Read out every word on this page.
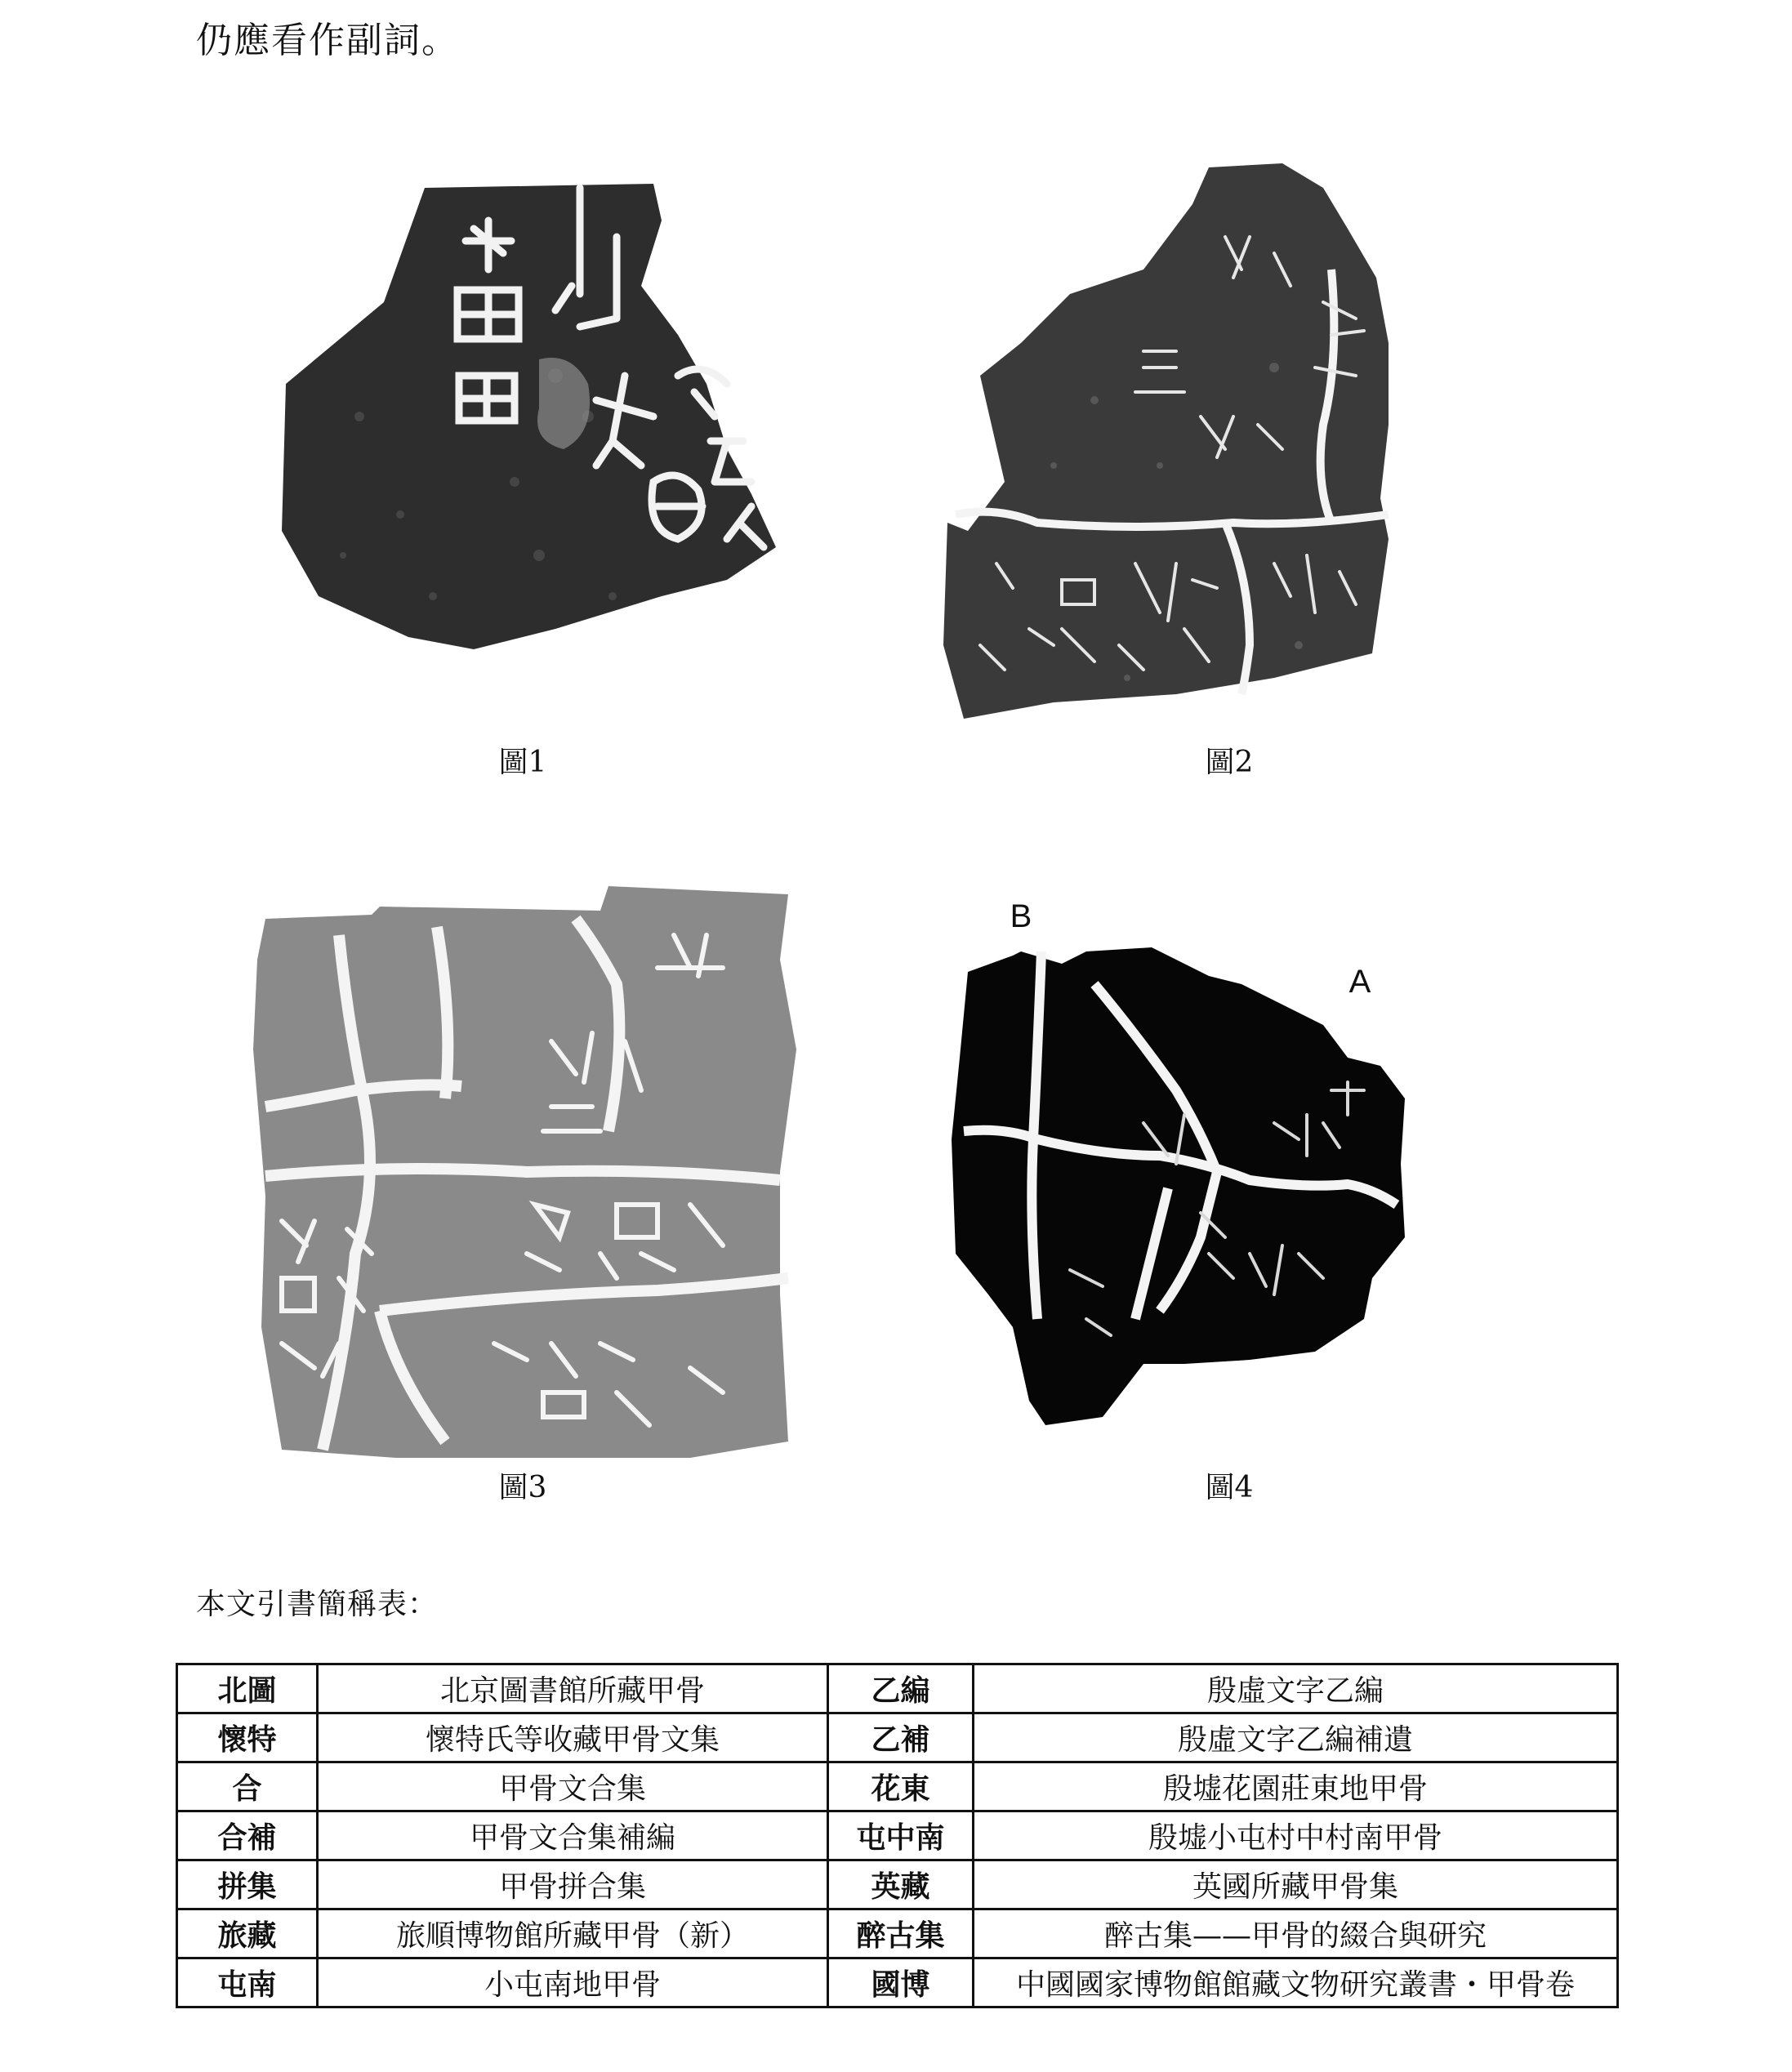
仍應看作副詞。
圖1	圖2
圖3
B
A
圖4
本文引書簡稱表：
北圖	北京圖書館所藏甲骨	乙編	殷虛文字乙編
懷特	懷特氏等收藏甲骨文集	乙補	殷虛文字乙編補遺
合	甲骨文合集	花東	殷墟花園莊東地甲骨
合補	甲骨文合集補編	屯中南	殷墟小屯村中村南甲骨
拼集	甲骨拼合集	英藏	英國所藏甲骨集
旅藏	旅順博物館所藏甲骨（新）	醉古集	醉古集——甲骨的綴合與研究
屯南	小屯南地甲骨	國博	中國國家博物館館藏文物研究叢書・甲骨卷
